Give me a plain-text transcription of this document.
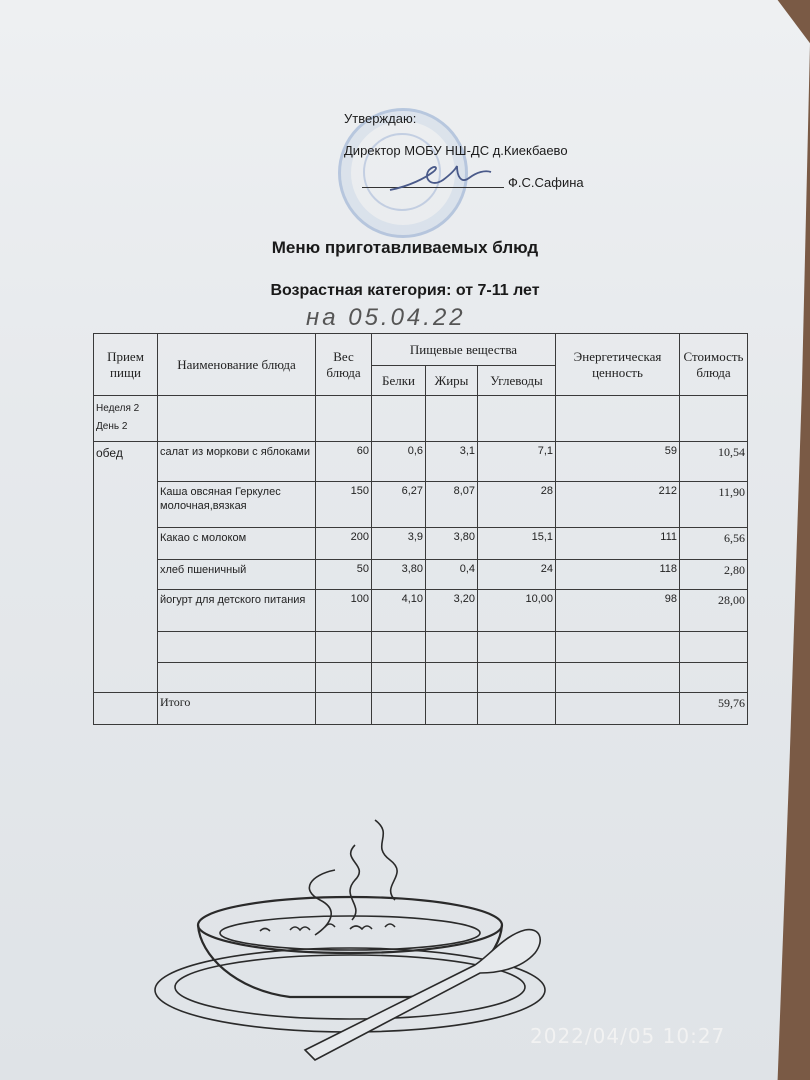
Утверждаю:
Директор МОБУ НШ-ДС д.Киекбаево
Ф.С.Сафина
Меню приготавливаемых блюд
Возрастная категория: от 7-11 лет
на 05.04.22
Прием пищи	Наименование блюда	Вес блюда	Пищевые вещества			Энергетическая ценность	Стоимость блюда
			Белки	Жиры	Углеводы		

Неделя 2
День 2							

обед	салат из моркови с яблоками	60	0,6	3,1	7,1	59	10,54
	Каша овсяная Геркулес молочная,вязкая	150	6,27	8,07	28	212	11,90
	Какао с молоком	200	3,9	3,80	15,1	111	6,56
	хлеб пшеничный	50	3,80	0,4	24	118	2,80
	йогурт для детского питания	100	4,10	3,20	10,00	98	28,00

	Итого						59,76
2022/04/05 10:27
